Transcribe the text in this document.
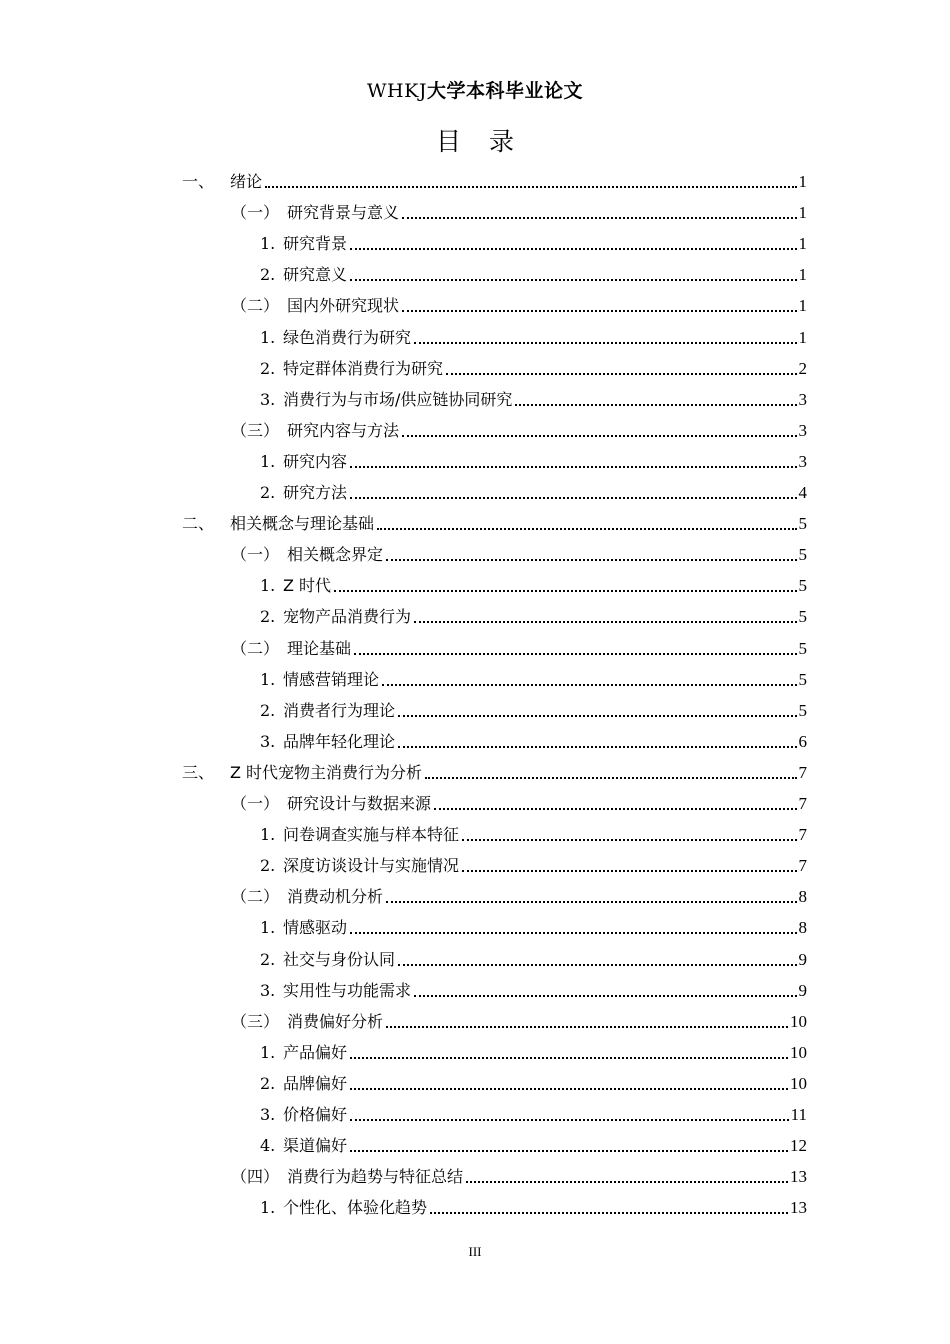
WHKJ大学本科毕业论文
目录
一、 绪论	1
（一） 研究背景与意义	1
1. 研究背景	1
2. 研究意义	1
（二） 国内外研究现状	1
1. 绿色消费行为研究	1
2. 特定群体消费行为研究	2
3. 消费行为与市场/供应链协同研究	3
（三） 研究内容与方法	3
1. 研究内容	3
2. 研究方法	4
二、 相关概念与理论基础	5
（一） 相关概念界定	5
1. Z 时代	5
2. 宠物产品消费行为	5
（二） 理论基础	5
1. 情感营销理论	5
2. 消费者行为理论	5
3. 品牌年轻化理论	6
三、 Z 时代宠物主消费行为分析	7
（一） 研究设计与数据来源	7
1. 问卷调查实施与样本特征	7
2. 深度访谈设计与实施情况	7
（二） 消费动机分析	8
1. 情感驱动	8
2. 社交与身份认同	9
3. 实用性与功能需求	9
（三） 消费偏好分析	10
1. 产品偏好	10
2. 品牌偏好	10
3. 价格偏好	11
4. 渠道偏好	12
（四） 消费行为趋势与特征总结	13
1. 个性化、体验化趋势	13
III
